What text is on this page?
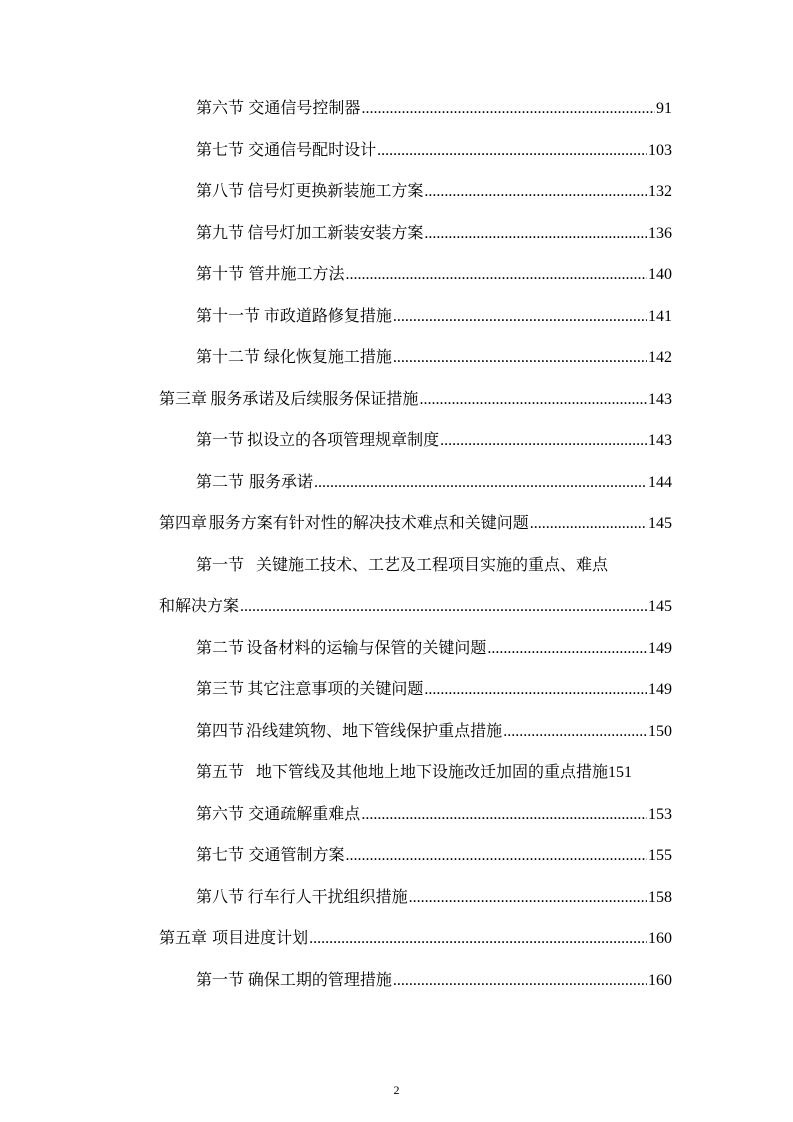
第六节 交通信号控制器 .....	91
第七节 交通信号配时设计 .....	103
第八节 信号灯更换新装施工方案 .....	132
第九节 信号灯加工新装安装方案 .....	136
第十节 管井施工方法 .....	140
第十一节 市政道路修复措施 .....	141
第十二节 绿化恢复施工措施 .....	142
第三章 服务承诺及后续服务保证措施 .....	143
第一节 拟设立的各项管理规章制度 .....	143
第二节 服务承诺 .....	144
第四章 服务方案有针对性的解决技术难点和关键问题 .....	145
第一节 关键施工技术、工艺及工程项目实施的重点、难点
和解决方案 .....	145
第二节 设备材料的运输与保管的关键问题 .....	149
第三节 其它注意事项的关键问题 .....	149
第四节 沿线建筑物、地下管线保护重点措施 .....	150
第五节 地下管线及其他地上地下设施改迁加固的重点措施 151
第六节 交通疏解重难点 .....	153
第七节 交通管制方案 .....	155
第八节 行车行人干扰组织措施 .....	158
第五章 项目进度计划 .....	160
第一节 确保工期的管理措施 .....	160
2
